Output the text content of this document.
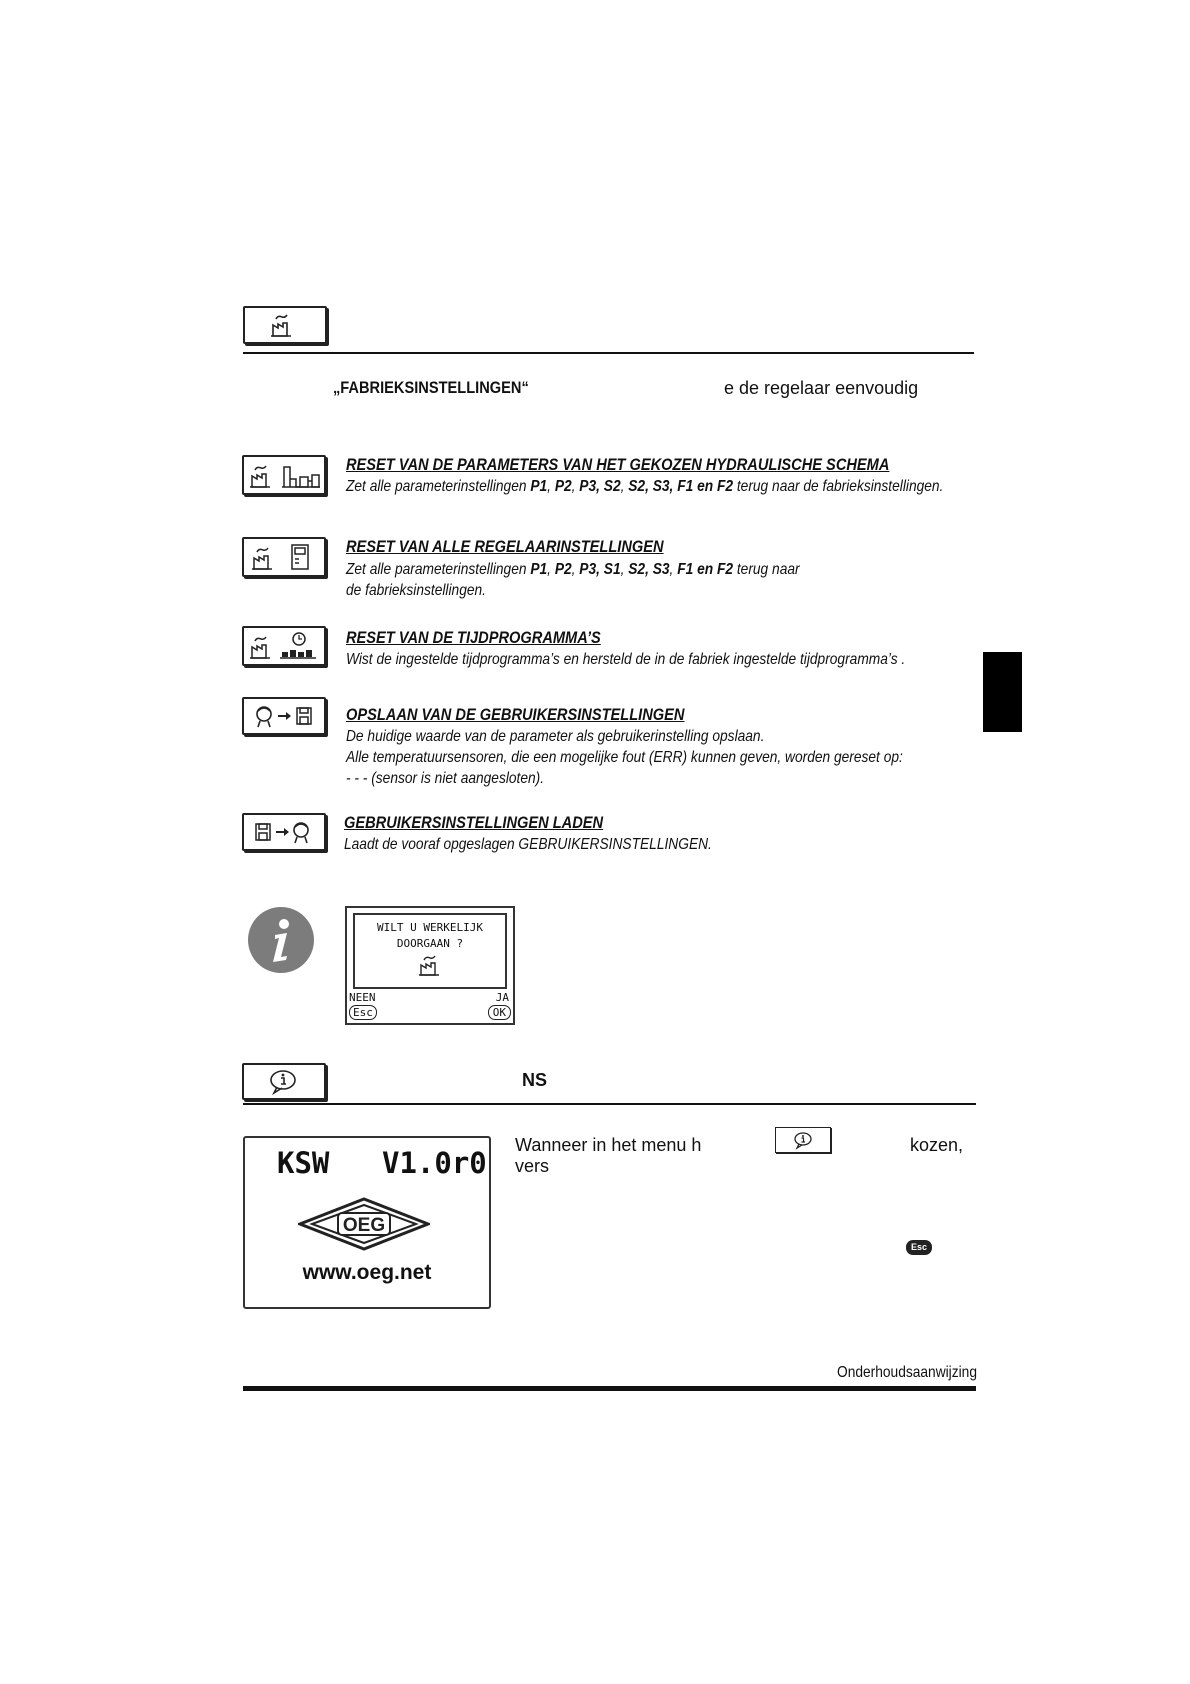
„FABRIEKSINSTELLINGEN“	e de regelaar eenvoudig
RESET VAN DE PARAMETERS VAN HET GEKOZEN HYDRAULISCHE SCHEMA
Zet alle parameterinstellingen P1, P2, P3, S2, S2, S3, F1 en F2 terug naar de fabrieksinstellingen.
RESET VAN ALLE REGELAARINSTELLINGEN
Zet alle parameterinstellingen P1, P2, P3, S1, S2, S3, F1 en F2 terug naar
de fabrieksinstellingen.
RESET VAN DE TIJDPROGRAMMA’S
Wist de ingestelde tijdprogramma’s en hersteld de in de fabriek ingestelde tijdprogramma’s .
OPSLAAN VAN DE GEBRUIKERSINSTELLINGEN
De huidige waarde van de parameter als gebruikerinstelling opslaan.
Alle temperatuursensoren, die een mogelijke fout (ERR) kunnen geven, worden gereset op:
- - - (sensor is niet aangesloten).
GEBRUIKERSINSTELLINGEN LADEN
Laadt de vooraf opgeslagen GEBRUIKERSINSTELLINGEN.
WILT U WERKELIJK
DOORGAAN ?
NEEN	JA
Esc	OK
NS
KSW V1.0r0
OEG
www.oeg.net
Wanneer in het menu h	kozen,
vers
Esc
Onderhoudsaanwijzing
